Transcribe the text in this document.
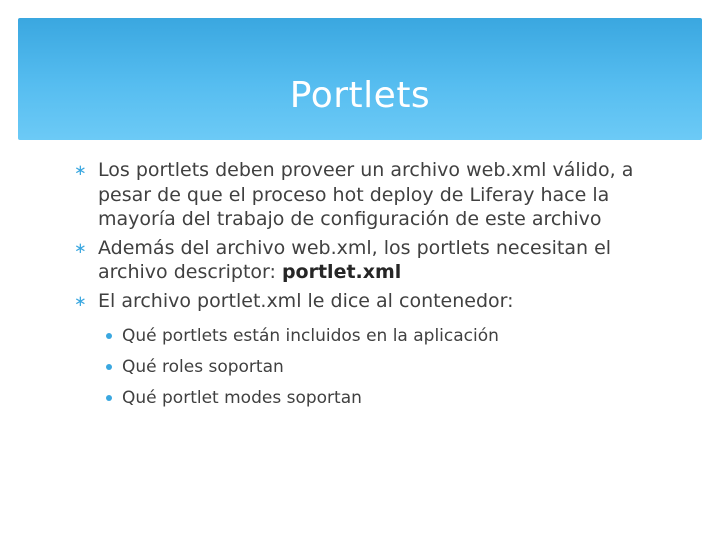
Portlets
∗ Los portlets deben proveer un archivo web.xml válido, a pesar de que el proceso hot deploy de Liferay hace la mayoría del trabajo de configuración de este archivo
∗ Además del archivo web.xml, los portlets necesitan el archivo descriptor: portlet.xml
∗ El archivo portlet.xml le dice al contenedor:
Qué portlets están incluidos en la aplicación
Qué roles soportan
Qué portlet modes soportan
